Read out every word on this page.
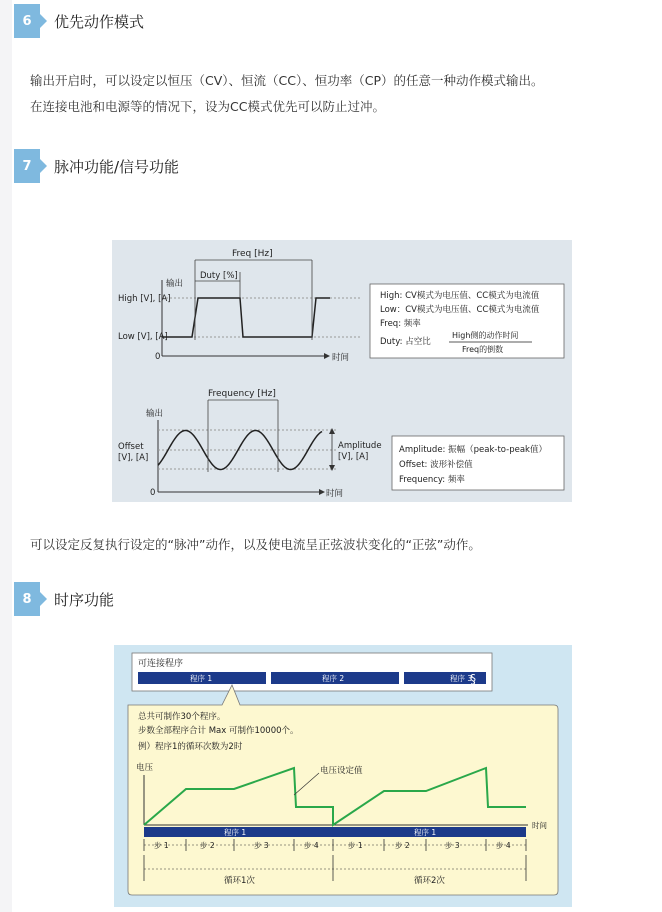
6	优先动作模式
输出开启时，可以设定以恒压（CV）、恒流（CC）、恒功率（CP）的任意一种动作模式输出。
在连接电池和电源等的情况下，设为CC模式优先可以防止过冲。
7	脉冲功能/信号功能
Freq [Hz]
Duty [%]
输出
High [V], [A]
Low [V], [A]
0	时间
High: CV模式为电压值、CC模式为电流值
Low：CV模式为电压值、CC模式为电流值
Freq: 频率
Duty: 占空比
High侧的动作时间
Freq的倒数
Frequency [Hz]
输出
Offset
[V], [A]
0	时间
Amplitude
[V], [A]
Amplitude: 振幅（peak-to-peak值）
Offset: 波形补偿值
Frequency: 频率
可以设定反复执行设定的“脉冲”动作，以及使电流呈正弦波状变化的“正弦”动作。
8	时序功能
可连接程序
程序 1	程序 2	程序 3
§
总共可制作30个程序。
步数全部程序合计 Max 可制作10000个。
例）程序1的循环次数为2时
电压
时间
电压设定值
程序 1	程序 1
步 1	步 2	步 3	步 4	步 1	步 2	步 3	步 4
循环1次	循环2次
